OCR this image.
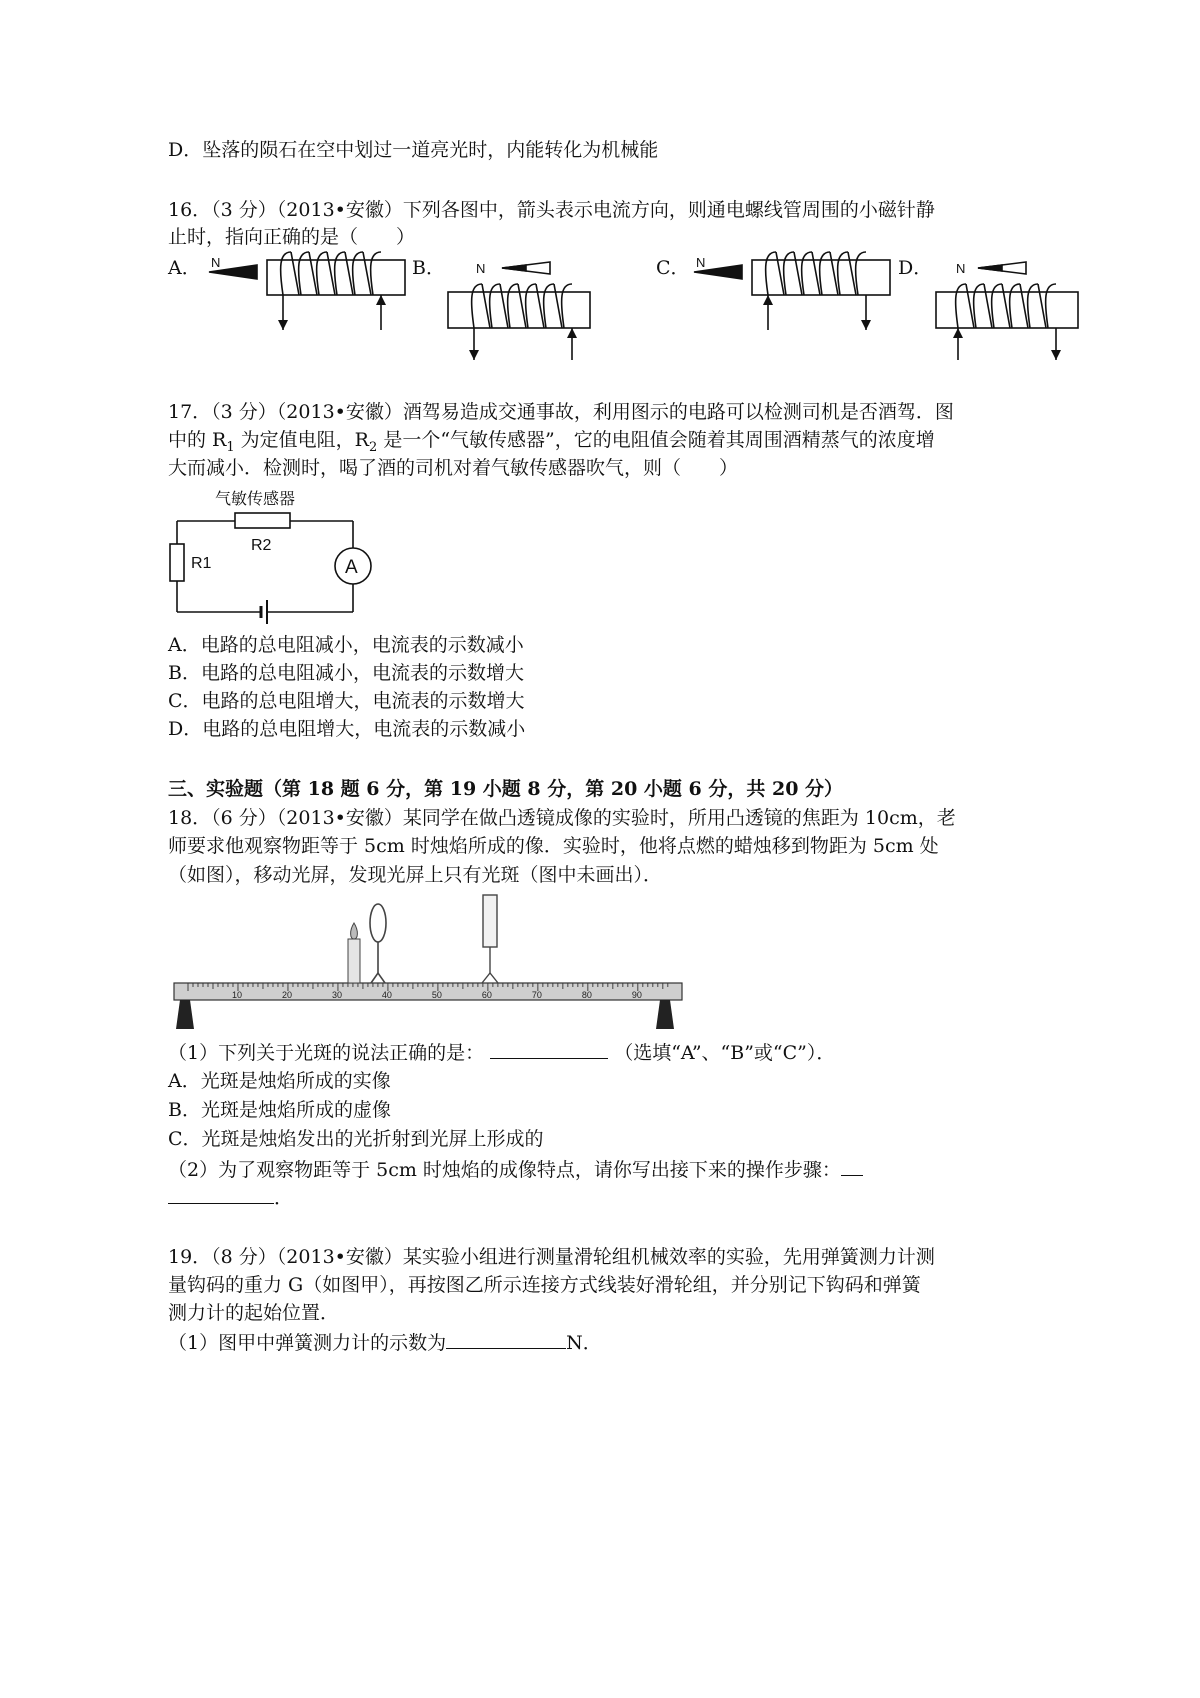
D．坠落的陨石在空中划过一道亮光时，内能转化为机械能
16．（3 分）（2013•安徽）下列各图中，箭头表示电流方向，则通电螺线管周围的小磁针静
止时，指向正确的是（　　）
A．	B．	C．	D．
N	N	N	N
17．（3 分）（2013•安徽）酒驾易造成交通事故，利用图示的电路可以检测司机是否酒驾．图
中的 $R_1$ 为定值电阻，$R_2$ 是一个“气敏传感器”，它的电阻值会随着其周围酒精蒸气的浓度增
大而减小．检测时，喝了酒的司机对着气敏传感器吹气，则（　　）
气敏传感器
R2
R1	A
A．电路的总电阻减小，电流表的示数减小
B．电路的总电阻减小，电流表的示数增大
C．电路的总电阻增大，电流表的示数增大
D．电路的总电阻增大，电流表的示数减小
三、实验题（第 18 题 6 分，第 19 小题 8 分，第 20 小题 6 分，共 20 分）
18．（6 分）（2013•安徽）某同学在做凸透镜成像的实验时，所用凸透镜的焦距为 10cm，老
师要求他观察物距等于 5cm 时烛焰所成的像．实验时，他将点燃的蜡烛移到物距为 5cm 处
（如图），移动光屏，发现光屏上只有光斑（图中未画出）．
10	20	30	40	50	60	70	80	90
（1）下列关于光斑的说法正确的是：	（选填“A”、“B”或“C”）．
A．光斑是烛焰所成的实像
B．光斑是烛焰所成的虚像
C．光斑是烛焰发出的光折射到光屏上形成的
（2）为了观察物距等于 5cm 时烛焰的成像特点，请你写出接下来的操作步骤：
．
19．（8 分）（2013•安徽）某实验小组进行测量滑轮组机械效率的实验，先用弹簧测力计测
量钩码的重力 G（如图甲），再按图乙所示连接方式线装好滑轮组，并分别记下钩码和弹簧
测力计的起始位置．
（1）图甲中弹簧测力计的示数为	N．
